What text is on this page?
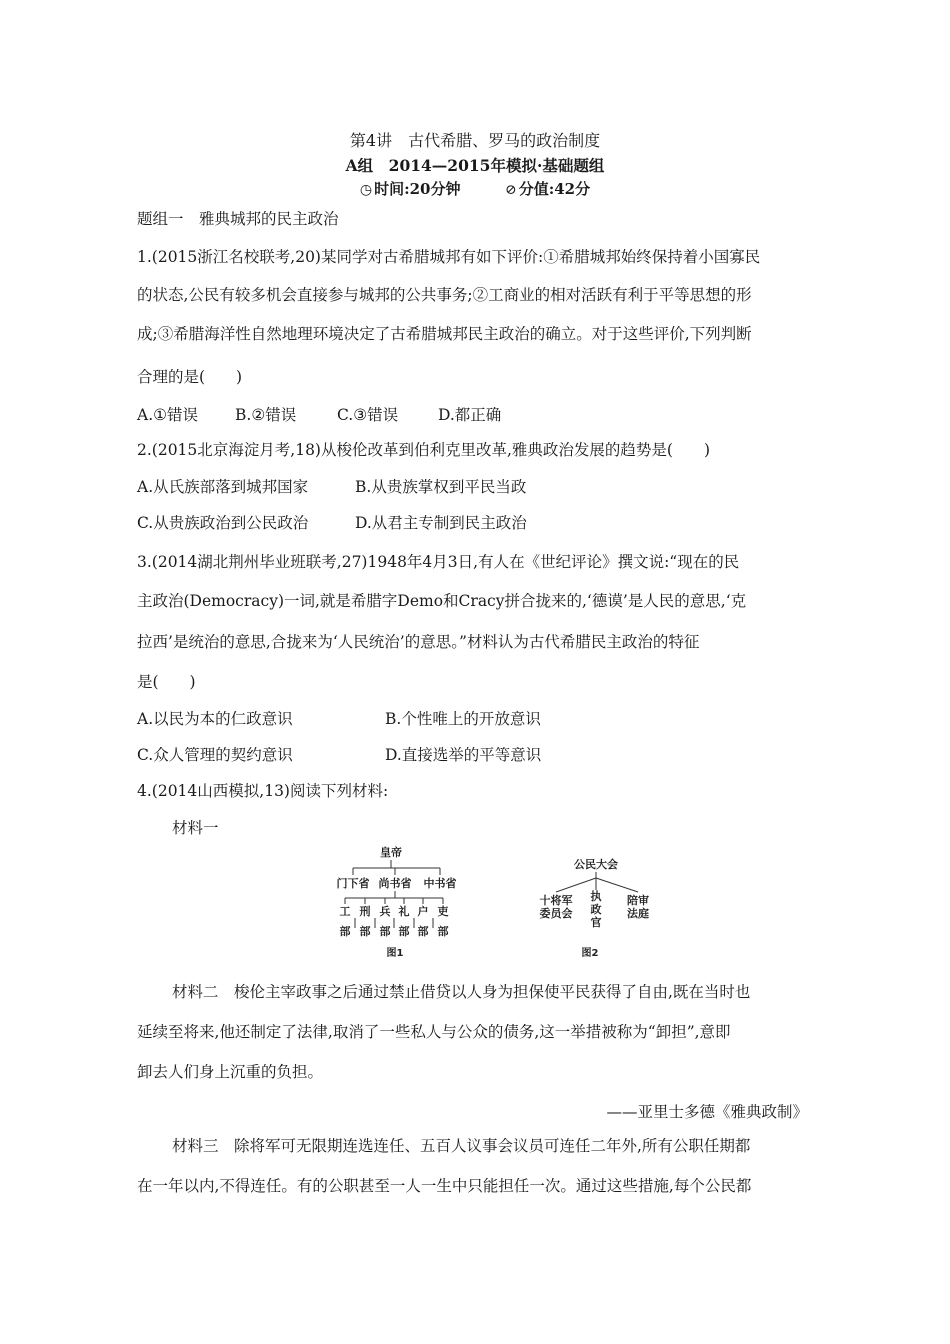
第4讲　古代希腊、罗马的政治制度
A组　2014—2015年模拟·基础题组
◷ 时间:20分钟	⊘ 分值:42分
题组一　雅典城邦的民主政治
1.(2015浙江名校联考,20)某同学对古希腊城邦有如下评价:①希腊城邦始终保持着小国寡民
的状态,公民有较多机会直接参与城邦的公共事务;②工商业的相对活跃有利于平等思想的形
成;③希腊海洋性自然地理环境决定了古希腊城邦民主政治的确立。对于这些评价,下列判断
合理的是(　　)
A.①错误 B.②错误	C.③错误	D.都正确
2.(2015北京海淀月考,18)从梭伦改革到伯利克里改革,雅典政治发展的趋势是(　　)
A.从氏族部落到城邦国家	B.从贵族掌权到平民当政
C.从贵族政治到公民政治	D.从君主专制到民主政治
3.(2014湖北荆州毕业班联考,27)1948年4月3日,有人在《世纪评论》撰文说:“现在的民
主政治(Democracy)一词,就是希腊字Demo和Cracy拼合拢来的,‘德谟’是人民的意思,‘克
拉西’是统治的意思,合拢来为‘人民统治’的意思。”材料认为古代希腊民主政治的特征
是(　　)
A.以民为本的仁政意识	B.个性唯上的开放意识
C.众人管理的契约意识	D.直接选举的平等意识
4.(2014山西模拟,13)阅读下列材料:
材料一
皇帝
门下省 尚书省 中书省
工
部
刑
部
兵
部
礼
部
户
部
吏
部
图1
公民大会
十将军
委员会
执
政
官
陪审
法庭
图2
材料二　梭伦主宰政事之后通过禁止借贷以人身为担保使平民获得了自由,既在当时也
延续至将来,他还制定了法律,取消了一些私人与公众的债务,这一举措被称为“卸担”,意即
卸去人们身上沉重的负担。
——亚里士多德《雅典政制》
材料三　除将军可无限期连选连任、五百人议事会议员可连任二年外,所有公职任期都
在一年以内,不得连任。有的公职甚至一人一生中只能担任一次。通过这些措施,每个公民都
